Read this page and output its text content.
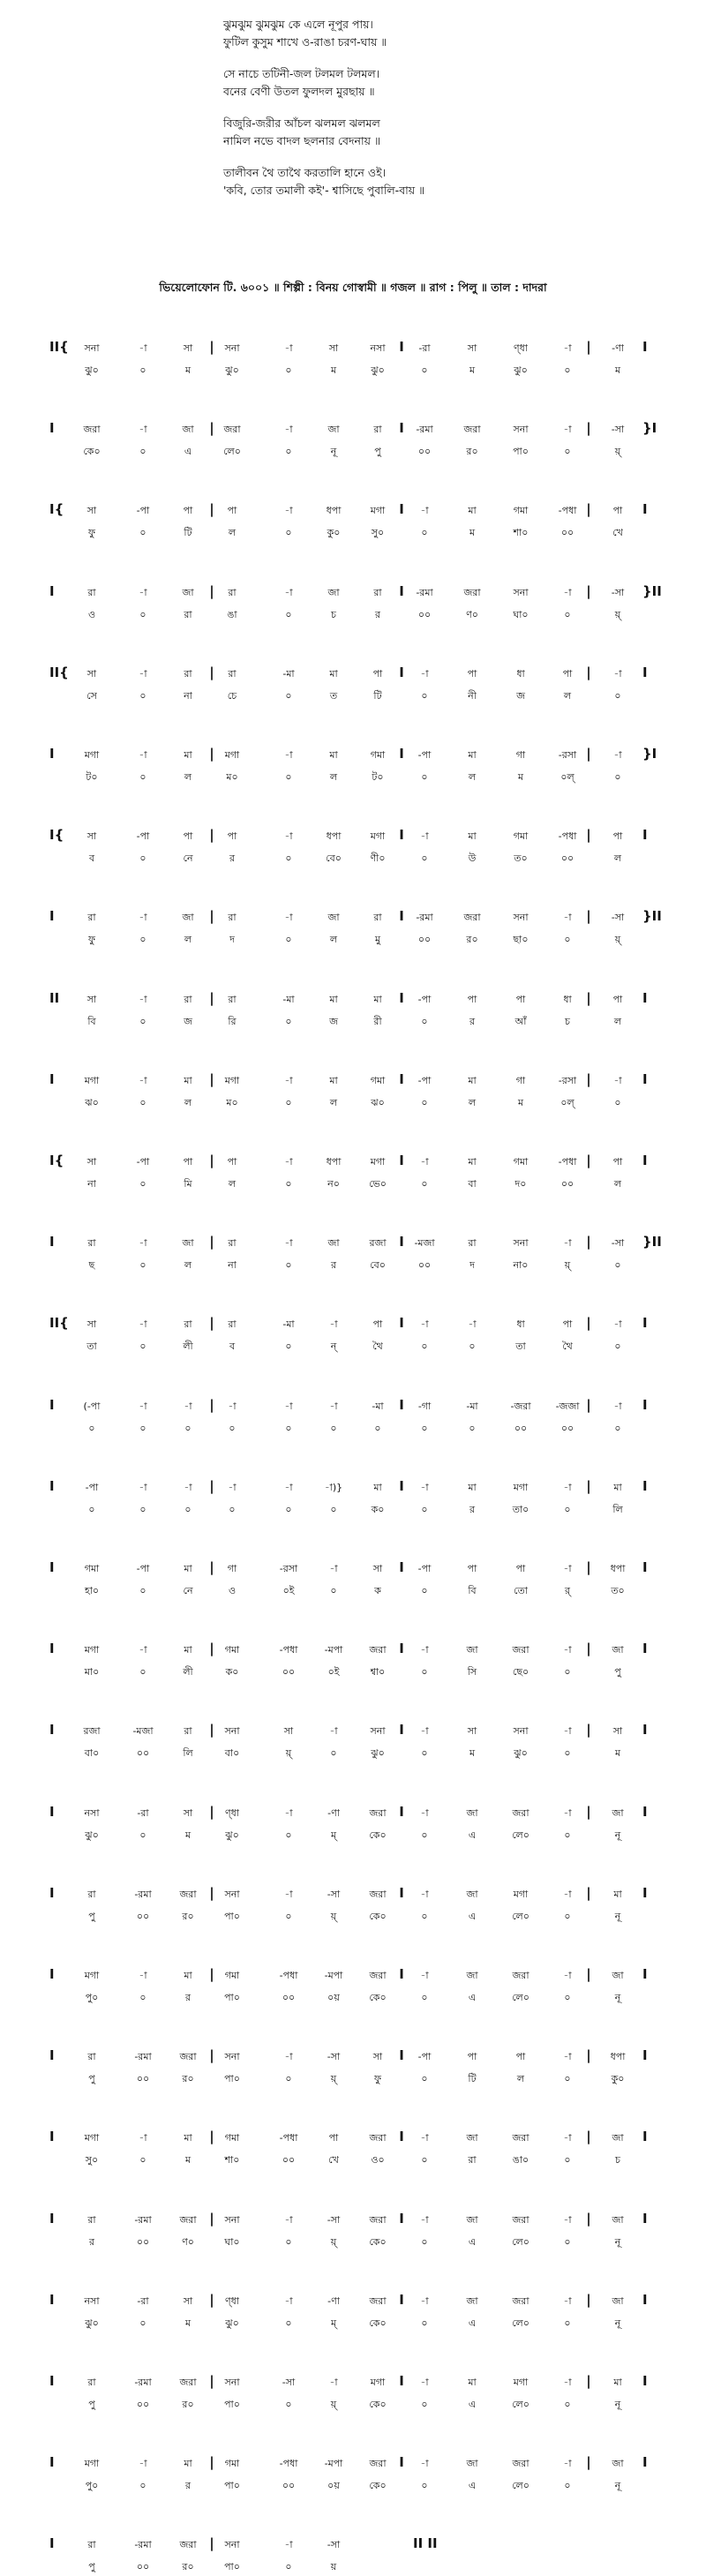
ঝুমঝুম ঝুমঝুম কে এলে নূপুর পায়।
ফুটিল কুসুম শাখে ও-রাঙা চরণ-ঘায় ॥
সে নাচে তটিনী-জল টলমল টলমল।
বনের বেণী উতল ফুলদল মুরছায় ॥
বিজুরি-জরীর আঁচল ঝলমল ঝলমল
নামিল নভে বাদল ছলনার বেদনায় ॥
তালীবন থৈ তাথৈ করতালি হানে ওই।
'কবি, তোর তমালী কই'- শ্বাসিছে পুবালি-বায় ॥
ভিয়েলোফোন টি. ৬০০১ ॥ শিল্পী : বিনয় গোস্বামী ॥ গজল ॥ রাগ : পিলু ॥ তাল : দাদরা
II{ সনা	-া	সা	সনা	-া	সা	নসা	-রা	সা	ণ্ধা	-া	-ণা
ঝু০	০	ম	ঝু০	০	ম	ঝু০	০	ম	ঝু০	০	ম
|	I	|	I
I	জরা	-া	জা	জরা	-া	জা	রা	-রমা	জরা	সনা	-া	-সা
কে০	০	এ	লে০	০	নূ	পু	০০	র০	পা০	০	য়্
|	I	|	}I
I{ সা	-পা	পা	পা	-া	ধপা	মগা	-া	মা	গমা	-পধা	পা
ফু	০	টি	ল	০	কু০	সু০	০	ম	শা০	০০	খে
|	I	|	I
I	রা	-া	জা	রা	-া	জা	রা	-রমা	জরা	সনা	-া	-সা
ও	০	রা	ঙা	০	চ	র	০০	ণ০	ঘা০	০	য়্
|	I	|	}II
II{ সা	-া	রা	রা	-মা	মা	পা	-া	পা	ধা	পা	-া
সে	০	না	চে	০	ত	টি	০	নী	জ	ল	০
|	I	|	I
I	মগা	-া	মা	মগা	-া	মা	গমা	-পা	মা	গা	-রসা	-া
ট০	০	ল	ম০	০	ল	ট০	০	ল	ম	০ল্	০
|	I	|	}I
I{ সা	-পা	পা	পা	-া	ধপা	মগা	-া	মা	গমা	-পধা	পা
ব	০	নে	র	০	বে০	ণী০	০	উ	ত০	০০	ল
|	I	|	I
I	রা	-া	জা	রা	-া	জা	রা	-রমা	জরা	সনা	-া	-সা
ফু	০	ল	দ	০	ল	মু	০০	র০	ছা০	০	য়্
|	I	|	}II
II	সা	-া	রা	রা	-মা	মা	মা	-পা	পা	পা	ধা	পা
বি	০	জ	রি	০	জ	রী	০	র	আঁ	চ	ল
|	I	|	I
I	মগা	-া	মা	মগা	-া	মা	গমা	-পা	মা	গা	-রসা	-া
ঝ০	০	ল	ম০	০	ল	ঝ০	০	ল	ম	০ল্	০
|	I	|	I
I{ সা	-পা	পা	পা	-া	ধপা	মগা	-া	মা	গমা	-পধা	পা
না	০	মি	ল	০	ন০	ভে০	০	বা	দ০	০০	ল
|	I	|	I
I	রা	-া	জা	রা	-া	জা	রজা	-মজা	রা	সনা	-া	-সা
ছ	০	ল	না	০	র	বে০	০০	দ	না০	য়্	০
|	I	|	}II
II{ সা	-া	রা	রা	-মা	-া	পা	-া	-া	ধা	পা	-া
তা	০	লী	ব	০	ন্	থৈ	০	০	তা	থৈ	০
|	I	|	I
I	(-পা	-া	-া	-া	-া	-া	-মা	-গা	-মা	-জরা	-জজা	-া
০	০	০	০	০	০	০	০	০	০০	০০	০
|	I	|	I
I	-পা	-া	-া	-া	-া	-া)}	মা	-া	মা	মগা	-া	মা
০	০	০	০	০	০	ক০	০	র	তা০	০	লি
|	I	|	I
I	গমা	-পা	মা	গা	-রসা	-া	সা	-পা	পা	পা	-া	ধপা
হা০	০	নে	ও	০ই	০	ক	০	বি	তো	র্	ত০
|	I	|	I
I	মগা	-া	মা	গমা	-পধা	-মপা	জরা	-া	জা	জরা	-া	জা
মা০	০	লী	ক০	০০	০ই	শ্বা০	০	সি	ছে০	০	পু
|	I	|	I
I	রজা	-মজা	রা	সনা	সা	-া	সনা	-া	সা	সনা	-া	সা
বা০	০০	লি	বা০	য়্	০	ঝু০	০	ম	ঝু০	০	ম
|	I	|	I
I	নসা	-রা	সা	ণ্ধা	-া	-ণা	জরা	-া	জা	জরা	-া	জা
ঝু০	০	ম	ঝু০	০	ম্	কে০	০	এ	লে০	০	নূ
|	I	|	I
I	রা	-রমা	জরা	সনা	-া	-সা	জরা	-া	জা	মগা	-া	মা
পু	০০	র০	পা০	০	য়্	কে০	০	এ	লে০	০	নূ
|	I	|	I
I	মগা	-া	মা	গমা	-পধা	-মপা	জরা	-া	জা	জরা	-া	জা
পু০	০	র	পা০	০০	০য়	কে০	০	এ	লে০	০	নূ
|	I	|	I
I	রা	-রমা	জরা	সনা	-া	-সা	সা	-পা	পা	পা	-া	ধপা
পু	০০	র০	পা০	০	য়্	ফু	০	টি	ল	০	কু০
|	I	|	I
I	মগা	-া	মা	গমা	-পধা	পা	জরা	-া	জা	জরা	-া	জা
সু০	০	ম	শা০	০০	খে	ও০	০	রা	ঙা০	০	চ
|	I	|	I
I	রা	-রমা	জরা	সনা	-া	-সা	জরা	-া	জা	জরা	-া	জা
র	০০	ণ০	ঘা০	০	য়্	কে০	০	এ	লে০	০	নূ
|	I	|	I
I	নসা	-রা	সা	ণ্ধা	-া	-ণা	জরা	-া	জা	জরা	-া	জা
ঝু০	০	ম	ঝু০	০	ম্	কে০	০	এ	লে০	০	নূ
|	I	|	I
I	রা	-রমা	জরা	সনা	-সা	-া	মগা	-া	মা	মগা	-া	মা
পু	০০	র০	পা০	০	য়্	কে০	০	এ	লে০	০	নূ
|	I	|	I
I	মগা	-া	মা	গমা	-পধা	-মপা	জরা	-া	জা	জরা	-া	জা
পু০	০	র	পা০	০০	০য়	কে০	০	এ	লে০	০	নূ
|	I	|	I
I	রা	-রমা	জরা	সনা	-া	-সা
পু	০০	র০	পা০	০	য়
|	II II
